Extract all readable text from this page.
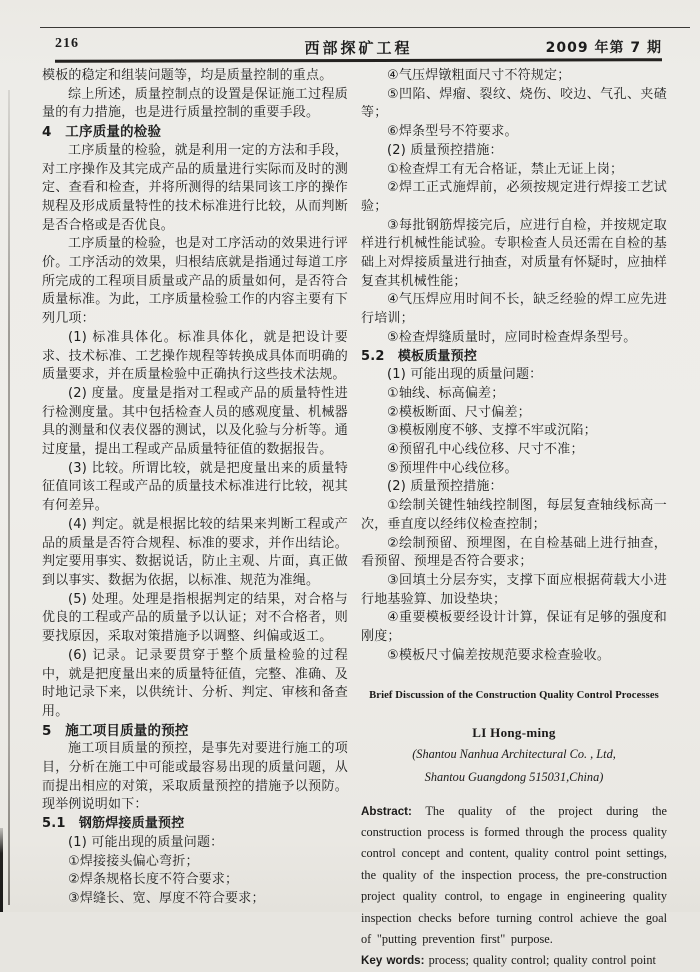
216	西部探矿工程	2009 年第 7 期

模板的稳定和组装问题等，均是质量控制的重点。

综上所述，质量控制点的设置是保证施工过程质量的有力措施，也是进行质量控制的重要手段。

4　工序质量的检验

工序质量的检验，就是利用一定的方法和手段，对工序操作及其完成产品的质量进行实际而及时的测定、查看和检查，并将所测得的结果同该工序的操作规程及形成质量特性的技术标准进行比较，从而判断是否合格或是否优良。

工序质量的检验，也是对工序活动的效果进行评价。工序活动的效果，归根结底就是指通过每道工序所完成的工程项目质量或产品的质量如何，是否符合质量标准。为此，工序质量检验工作的内容主要有下列几项：

(1) 标准具体化。标准具体化，就是把设计要求、技术标准、工艺操作规程等转换成具体而明确的质量要求，并在质量检验中正确执行这些技术法规。

(2) 度量。度量是指对工程或产品的质量特性进行检测度量。其中包括检查人员的感观度量、机械器具的测量和仪表仪器的测试，以及化验与分析等。通过度量，提出工程或产品质量特征值的数据报告。

(3) 比较。所谓比较，就是把度量出来的质量特征值同该工程或产品的质量技术标准进行比较，视其有何差异。

(4) 判定。就是根据比较的结果来判断工程或产品的质量是否符合规程、标准的要求，并作出结论。判定要用事实、数据说话，防止主观、片面，真正做到以事实、数据为依据，以标准、规范为准绳。

(5) 处理。处理是指根据判定的结果，对合格与优良的工程或产品的质量予以认证；对不合格者，则要找原因，采取对策措施予以调整、纠偏或返工。

(6) 记录。记录要贯穿于整个质量检验的过程中，就是把度量出来的质量特征值，完整、准确、及时地记录下来，以供统计、分析、判定、审核和备查用。

5　施工项目质量的预控

施工项目质量的预控，是事先对要进行施工的项目，分析在施工中可能或最容易出现的质量问题，从而提出相应的对策，采取质量预控的措施予以预防。现举例说明如下：

5.1　钢筋焊接质量预控

(1) 可能出现的质量问题：

①焊接接头偏心弯折；

②焊条规格长度不符合要求；

③焊缝长、宽、厚度不符合要求；

④气压焊镦粗面尺寸不符规定；

⑤凹陷、焊瘤、裂纹、烧伤、咬边、气孔、夹碴等；

⑥焊条型号不符要求。

(2) 质量预控措施：

①检查焊工有无合格证，禁止无证上岗；

②焊工正式施焊前，必须按规定进行焊接工艺试验；

③每批钢筋焊接完后，应进行自检，并按规定取样进行机械性能试验。专职检查人员还需在自检的基础上对焊接质量进行抽查，对质量有怀疑时，应抽样复查其机械性能；

④气压焊应用时间不长，缺乏经验的焊工应先进行培训；

⑤检查焊缝质量时，应同时检查焊条型号。

5.2　模板质量预控

(1) 可能出现的质量问题：

①轴线、标高偏差；

②模板断面、尺寸偏差；

③模板刚度不够、支撑不牢或沉陷；

④预留孔中心线位移、尺寸不准；

⑤预埋件中心线位移。

(2) 质量预控措施：

①绘制关键性轴线控制图，每层复查轴线标高一次，垂直度以经纬仪检查控制；

②绘制预留、预埋图，在自检基础上进行抽查，看预留、预埋是否符合要求；

③回填土分层夯实，支撑下面应根据荷载大小进行地基验算、加设垫块；

④重要模板要经设计计算，保证有足够的强度和刚度；

⑤模板尺寸偏差按规范要求检查验收。

Brief Discussion of the Construction Quality Control Processes

LI Hong-ming
(Shantou Nanhua Architectural Co. , Ltd,
Shantou Guangdong 515031,China)

Abstract: The quality of the project during the construction process is formed through the process quality control concept and content, quality control point settings, the quality of the inspection process, the pre-construction project quality control, to engage in engineering quality inspection checks before turning control achieve the goal of "putting prevention first" purpose.

Key words: process; quality control; quality control point
